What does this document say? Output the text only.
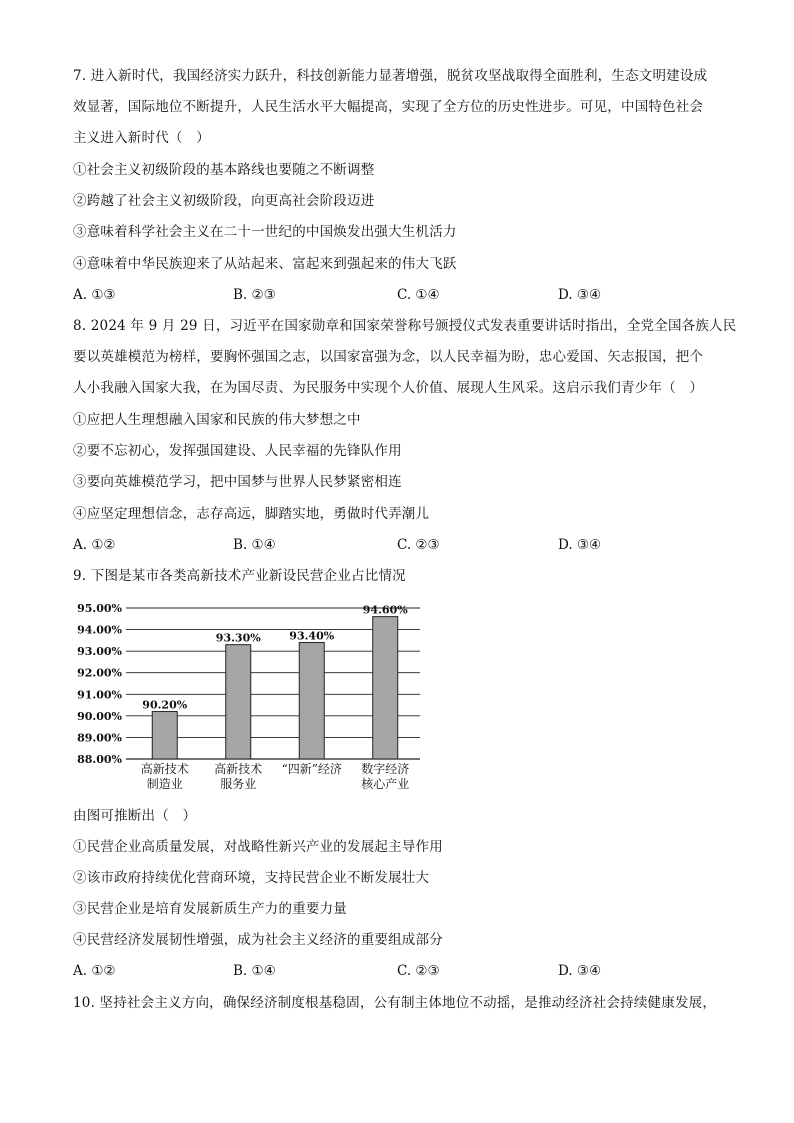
7. 进入新时代，我国经济实力跃升，科技创新能力显著增强，脱贫攻坚战取得全面胜利，生态文明建设成
效显著，国际地位不断提升，人民生活水平大幅提高，实现了全方位的历史性进步。可见，中国特色社会
主义进入新时代（　）
①社会主义初级阶段的基本路线也要随之不断调整
②跨越了社会主义初级阶段，向更高社会阶段迈进
③意味着科学社会主义在二十一世纪的中国焕发出强大生机活力
④意味着中华民族迎来了从站起来、富起来到强起来的伟大飞跃
A. ①③	B. ②③	C. ①④	D. ③④
8. 2024 年 9 月 29 日，习近平在国家勋章和国家荣誉称号颁授仪式发表重要讲话时指出，全党全国各族人民
要以英雄模范为榜样，要胸怀强国之志，以国家富强为念，以人民幸福为盼，忠心爱国、矢志报国，把个
人小我融入国家大我，在为国尽责、为民服务中实现个人价值、展现人生风采。这启示我们青少年（　）
①应把人生理想融入国家和民族的伟大梦想之中
②要不忘初心，发挥强国建设、人民幸福的先锋队作用
③要向英雄模范学习，把中国梦与世界人民梦紧密相连
④应坚定理想信念，志存高远，脚踏实地，勇做时代弄潮儿
A. ①②	B. ①④	C. ②③	D. ③④
9. 下图是某市各类高新技术产业新设民营企业占比情况
95.00%
94.00%
93.00%
92.00%
91.00%
90.00%
89.00%
88.00%
90.20%
93.30%	93.40%
94.60%
高新技术
制造业
高新技术
服务业
“四新”经济 数字经济
核心产业
由图可推断出（　）
①民营企业高质量发展，对战略性新兴产业的发展起主导作用
②该市政府持续优化营商环境，支持民营企业不断发展壮大
③民营企业是培育发展新质生产力的重要力量
④民营经济发展韧性增强，成为社会主义经济的重要组成部分
A. ①②	B. ①④	C. ②③	D. ③④
10. 坚持社会主义方向，确保经济制度根基稳固，公有制主体地位不动摇，是推动经济社会持续健康发展，
